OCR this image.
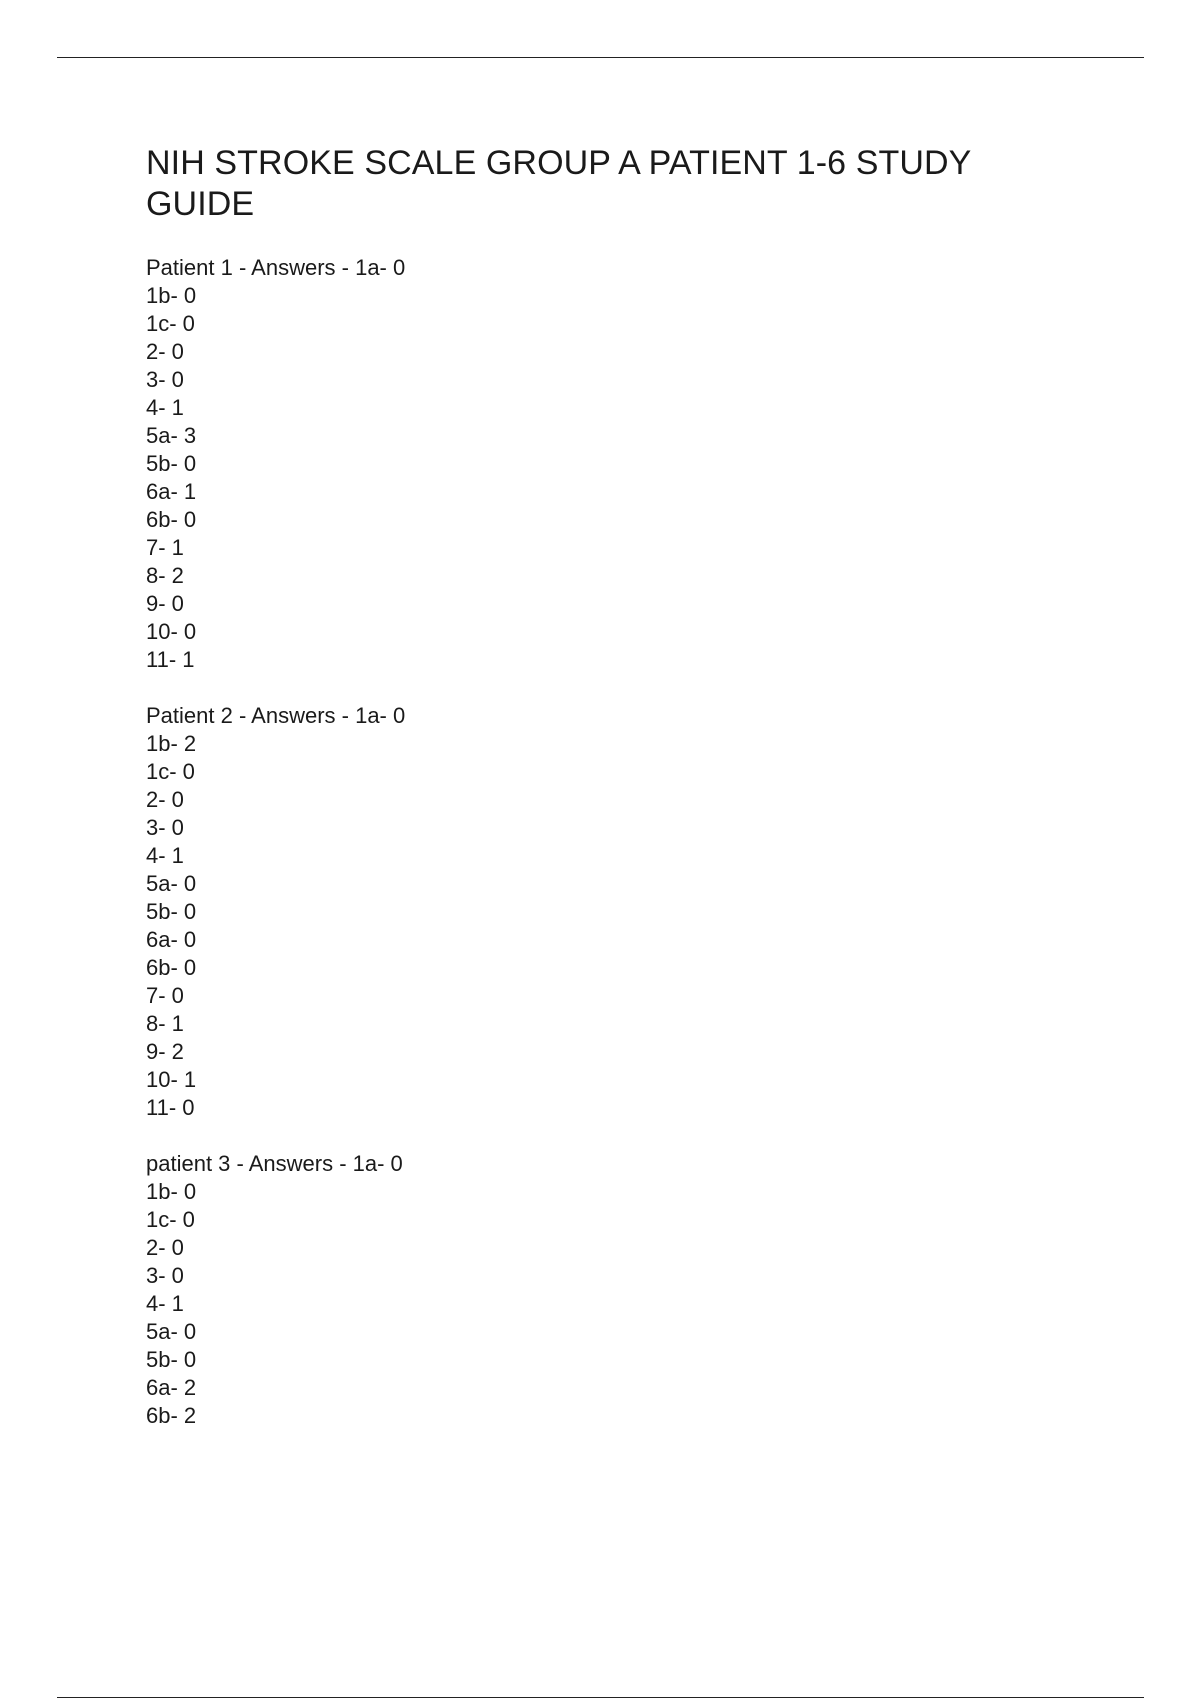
NIH STROKE SCALE GROUP A PATIENT 1-6 STUDY GUIDE
Patient 1 - Answers - 1a- 0
1b- 0
1c- 0
2- 0
3- 0
4- 1
5a- 3
5b- 0
6a- 1
6b- 0
7- 1
8- 2
9- 0
10- 0
11- 1
Patient 2 - Answers - 1a- 0
1b- 2
1c- 0
2- 0
3- 0
4- 1
5a- 0
5b- 0
6a- 0
6b- 0
7- 0
8- 1
9- 2
10- 1
11- 0
patient 3 - Answers - 1a- 0
1b- 0
1c- 0
2- 0
3- 0
4- 1
5a- 0
5b- 0
6a- 2
6b- 2
